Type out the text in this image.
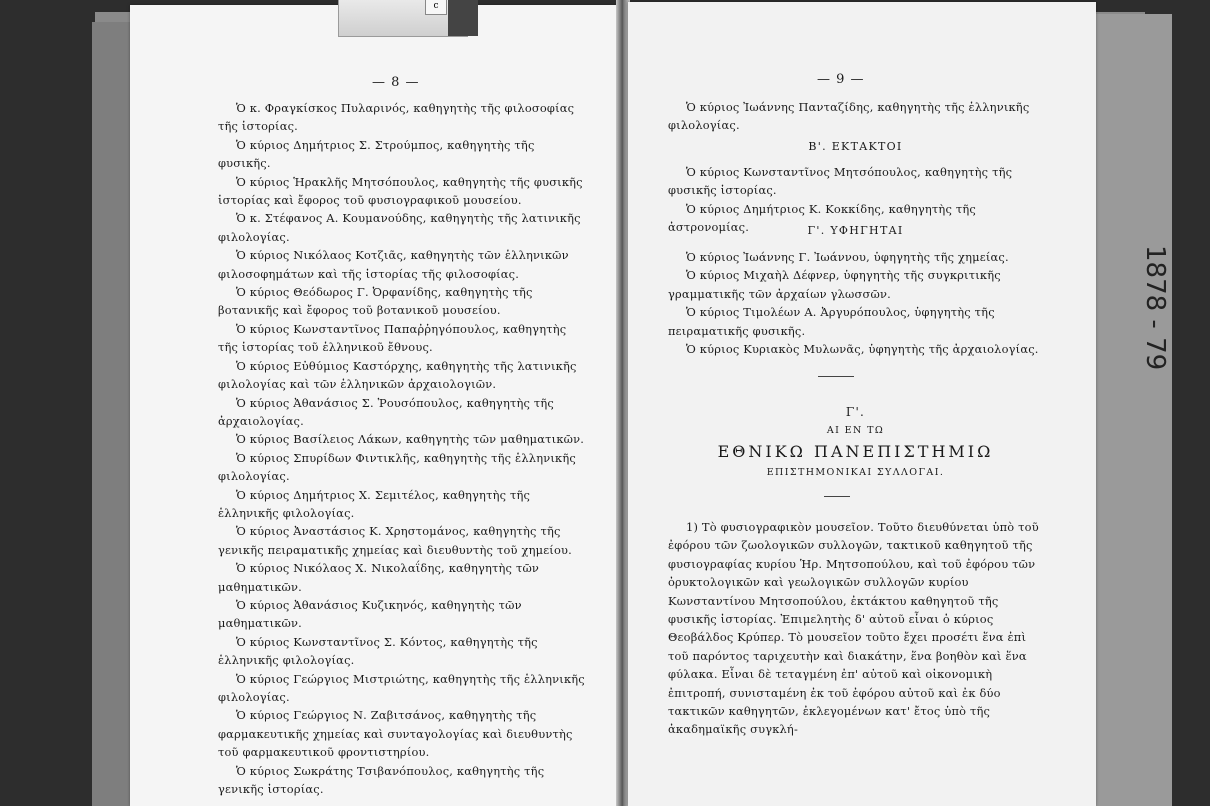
— 8 —

Ὁ κ. Φραγκίσκος Πυλαρινός, καθηγητὴς τῆς φιλοσοφίας τῆς ἱστορίας.

Ὁ κύριος Δημήτριος Σ. Στρούμπος, καθηγητὴς τῆς φυσικῆς.

Ὁ κύριος Ἡρακλῆς Μητσόπουλος, καθηγητὴς τῆς φυσικῆς ἱστορίας καὶ ἔφορος τοῦ φυσιογραφικοῦ μουσείου.

Ὁ κ. Στέφανος Α. Κουμανούδης, καθηγητὴς τῆς λατινικῆς φιλολογίας.

Ὁ κύριος Νικόλαος Κοτζιᾶς, καθηγητὴς τῶν ἑλληνικῶν φιλοσοφημάτων καὶ τῆς ἱστορίας τῆς φιλοσοφίας.

Ὁ κύριος Θεόδωρος Γ. Ὀρφανίδης, καθηγητὴς τῆς βοτανικῆς καὶ ἔφορος τοῦ βοτανικοῦ μουσείου.

Ὁ κύριος Κωνσταντῖνος Παπαῤῥηγόπουλος, καθηγητὴς τῆς ἱστορίας τοῦ ἑλληνικοῦ ἔθνους.

Ὁ κύριος Εὐθύμιος Καστόρχης, καθηγητὴς τῆς λατινικῆς φιλολογίας καὶ τῶν ἑλληνικῶν ἀρχαιολογιῶν.

Ὁ κύριος Ἀθανάσιος Σ. Ῥουσόπουλος, καθηγητὴς τῆς ἀρχαιολογίας.

Ὁ κύριος Βασίλειος Λάκων, καθηγητὴς τῶν μαθηματικῶν.

Ὁ κύριος Σπυρίδων Φιντικλῆς, καθηγητὴς τῆς ἑλληνικῆς φιλολογίας.

Ὁ κύριος Δημήτριος Χ. Σεμιτέλος, καθηγητὴς τῆς ἑλληνικῆς φιλολογίας.

Ὁ κύριος Ἀναστάσιος Κ. Χρηστομάνος, καθηγητὴς τῆς γενικῆς πειραματικῆς χημείας καὶ διευθυντὴς τοῦ χημείου.

Ὁ κύριος Νικόλαος Χ. Νικολαΐδης, καθηγητὴς τῶν μαθηματικῶν.

Ὁ κύριος Ἀθανάσιος Κυζικηνός, καθηγητὴς τῶν μαθηματικῶν.

Ὁ κύριος Κωνσταντῖνος Σ. Κόντος, καθηγητὴς τῆς ἑλληνικῆς φιλολογίας.

Ὁ κύριος Γεώργιος Μιστριώτης, καθηγητὴς τῆς ἑλληνικῆς φιλολογίας.

Ὁ κύριος Γεώργιος Ν. Ζαβιτσάνος, καθηγητὴς τῆς φαρμακευτικῆς χημείας καὶ συνταγολογίας καὶ διευθυντὴς τοῦ φαρμακευτικοῦ φροντιστηρίου.

Ὁ κύριος Σωκράτης Τσιβανόπουλος, καθηγητὴς τῆς γενικῆς ἱστορίας.

— 9 —

Ὁ κύριος Ἰωάννης Πανταζίδης, καθηγητὴς τῆς ἑλληνικῆς φιλολογίας.

Β'. ΕΚΤΑΚΤΟΙ

Ὁ κύριος Κωνσταντῖνος Μητσόπουλος, καθηγητὴς τῆς φυσικῆς ἱστορίας.

Ὁ κύριος Δημήτριος Κ. Κοκκίδης, καθηγητὴς τῆς ἀστρονομίας.	Γ'. ΥΦΗΓΗΤΑΙ

Ὁ κύριος Ἰωάννης Γ. Ἰωάννου, ὑφηγητὴς τῆς χημείας.

Ὁ κύριος Μιχαὴλ Δέφνερ, ὑφηγητὴς τῆς συγκριτικῆς γραμματικῆς τῶν ἀρχαίων γλωσσῶν.

Ὁ κύριος Τιμολέων Α. Ἀργυρόπουλος, ὑφηγητὴς τῆς πειραματικῆς φυσικῆς.

Ὁ κύριος Κυριακὸς Μυλωνᾶς, ὑφηγητὴς τῆς ἀρχαιολογίας.

Γ'.
ΑΙ ΕΝ ΤΩ
ΕΘΝΙΚΩ ΠΑΝΕΠΙΣΤΗΜΙΩ
ΕΠΙΣΤΗΜΟΝΙΚΑΙ ΣΥΛΛΟΓΑΙ.

1) Τὸ φυσιογραφικὸν μουσεῖον. Τοῦτο διευθύνεται ὑπὸ τοῦ ἐφόρου τῶν ζωολογικῶν συλλογῶν, τακτικοῦ καθηγητοῦ τῆς φυσιογραφίας κυρίου Ἡρ. Μητσοπούλου, καὶ τοῦ ἐφόρου τῶν ὀρυκτολογικῶν καὶ γεωλογικῶν συλλογῶν κυρίου Κωνσταντίνου Μητσοπούλου, ἐκτάκτου καθηγητοῦ τῆς φυσικῆς ἱστορίας. Ἐπιμελητὴς δ' αὐτοῦ εἶναι ὁ κύριος Θεοβάλδος Κρύπερ. Τὸ μουσεῖον τοῦτο ἔχει προσέτι ἕνα ἐπὶ τοῦ παρόντος ταριχευτὴν καὶ διακάτην, ἕνα βοηθὸν καὶ ἕνα φύλακα. Εἶναι δὲ τεταγμένη ἐπ' αὐτοῦ καὶ οἰκονομικὴ ἐπιτροπή, συνισταμένη ἐκ τοῦ ἐφόρου αὐτοῦ καὶ ἐκ δύο τακτικῶν καθηγητῶν, ἐκλεγομένων κατ' ἔτος ὑπὸ τῆς ἀκαδημαϊκῆς συγκλή-

c
